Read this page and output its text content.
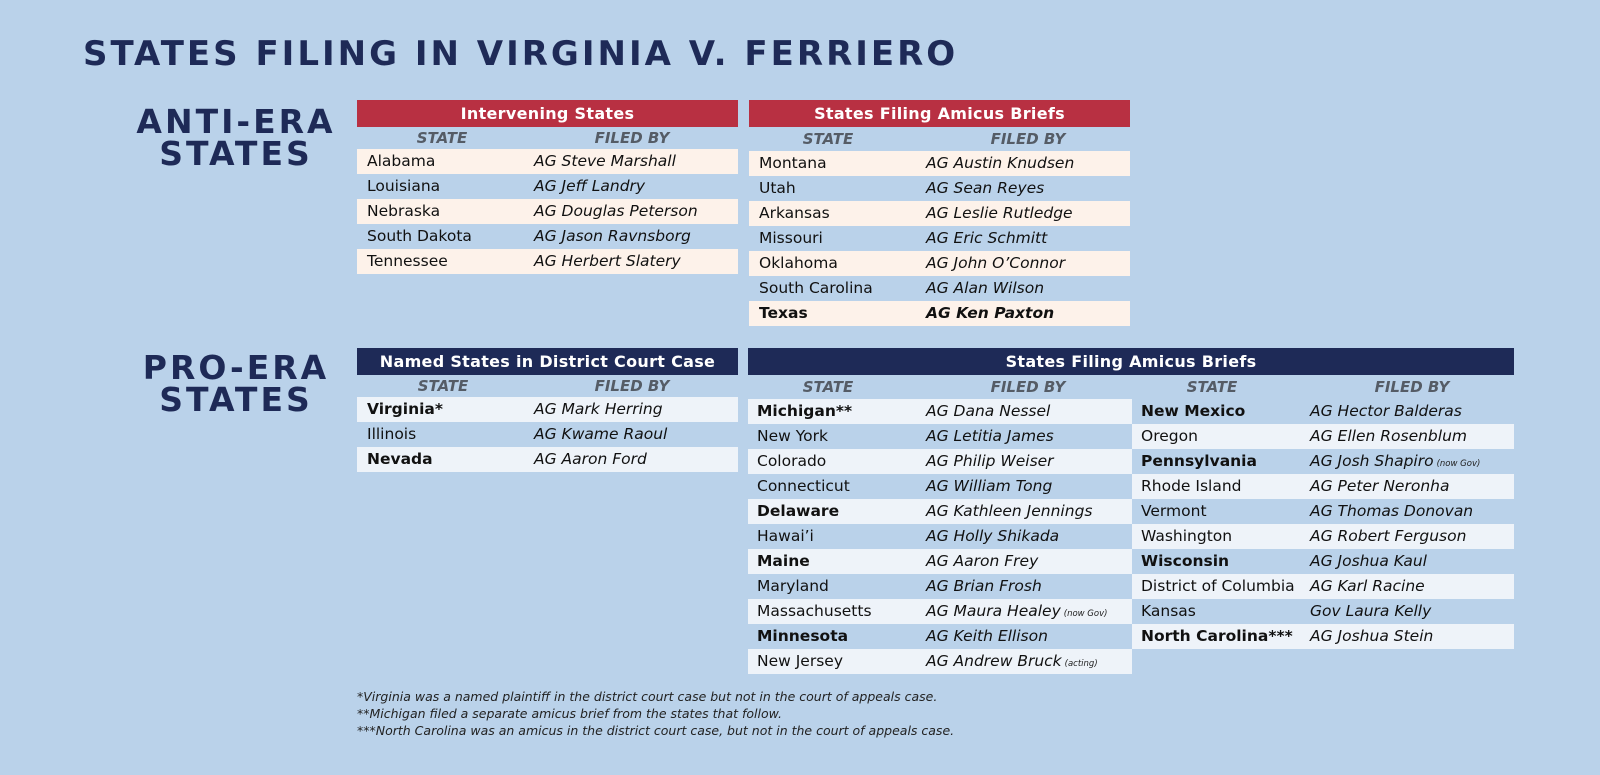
STATES FILING IN VIRGINIA V. FERRIERO
ANTI-ERA
STATES
PRO-ERA
STATES
Intervening States
STATE	FILED BY
Alabama	AG Steve Marshall
Louisiana	AG Jeff Landry
Nebraska	AG Douglas Peterson
South Dakota	AG Jason Ravnsborg
Tennessee	AG Herbert Slatery
States Filing Amicus Briefs
STATE	FILED BY
Montana	AG Austin Knudsen
Utah	AG Sean Reyes
Arkansas	AG Leslie Rutledge
Missouri	AG Eric Schmitt
Oklahoma	AG John O’Connor
South Carolina	AG Alan Wilson
Texas	AG Ken Paxton
Named States in District Court Case
STATE	FILED BY
Virginia*	AG Mark Herring
Illinois	AG Kwame Raoul
Nevada	AG Aaron Ford
States Filing Amicus Briefs
STATE	FILED BY
Michigan**	AG Dana Nessel
New York	AG Letitia James
Colorado	AG Philip Weiser
Connecticut	AG William Tong
Delaware	AG Kathleen Jennings
Hawai’i	AG Holly Shikada
Maine	AG Aaron Frey
Maryland	AG Brian Frosh
Massachusetts	AG Maura Healey (now Gov)
Minnesota	AG Keith Ellison
New Jersey	AG Andrew Bruck (acting)
STATE	FILED BY
New Mexico	AG Hector Balderas
Oregon	AG Ellen Rosenblum
Pennsylvania	AG Josh Shapiro (now Gov)
Rhode Island	AG Peter Neronha
Vermont	AG Thomas Donovan
Washington	AG Robert Ferguson
Wisconsin	AG Joshua Kaul
District of Columbia AG Karl Racine
Kansas	Gov Laura Kelly
North Carolina*** AG Joshua Stein
*Virginia was a named plaintiff in the district court case but not in the court of appeals case.
**Michigan filed a separate amicus brief from the states that follow.
***North Carolina was an amicus in the district court case, but not in the court of appeals case.
